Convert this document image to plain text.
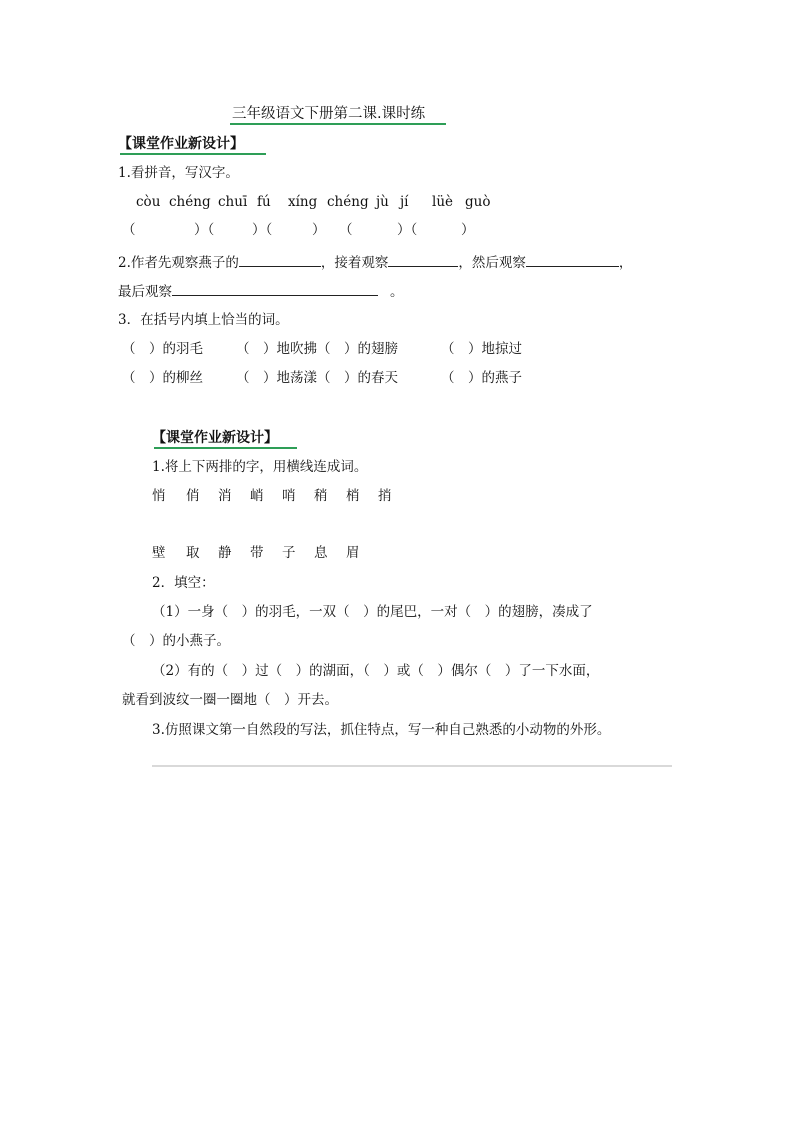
三年级语文下册第二课.课时练
【课堂作业新设计】
1.看拼音，写汉字。
còu chéng chuī fú xíng chéng jù jí lüè guò
（	）（	）（	） （	）（	）
2.作者先观察燕子的	，接着观察	，然后观察	，
最后观察	。
3．在括号内填上恰当的词。
（　）的羽毛 （　）地吹拂（　）的翅膀	（　）地掠过
（　）的柳丝 （　）地荡漾（　）的春天	（　）的燕子
【课堂作业新设计】
1.将上下两排的字，用横线连成词。
悄 俏 消 峭 哨 稍 梢 捎
壁 取 静 带 子 息 眉
2．填空：
（1）一身（　）的羽毛，一双（　）的尾巴，一对（　）的翅膀，凑成了
（　）的小燕子。
（2）有的（　）过（　）的湖面，（　）或（　）偶尔（　）了一下水面，
就看到波纹一圈一圈地（　）开去。
3.仿照课文第一自然段的写法，抓住特点，写一种自己熟悉的小动物的外形。
